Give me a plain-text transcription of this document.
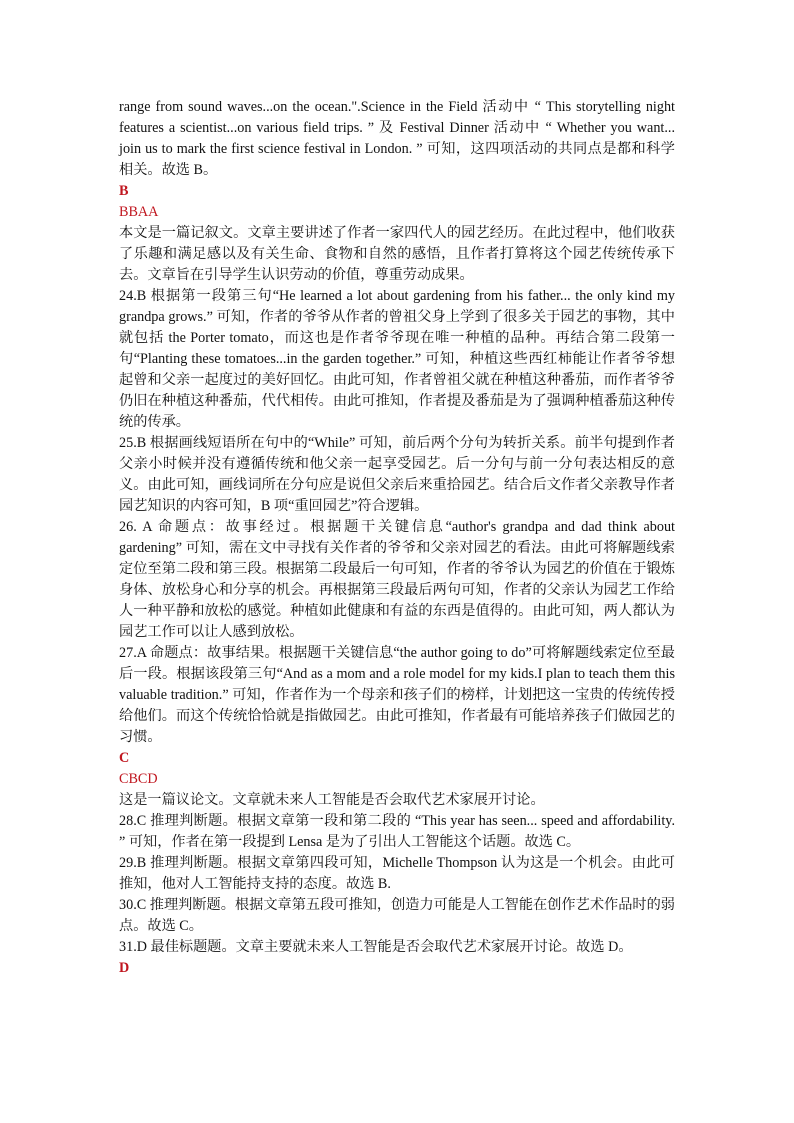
range from sound waves...on the ocean.".Science in the Field 活动中 “ This storytelling night features a scientist...on various field trips. ” 及 Festival Dinner 活动中 “ Whether you want... join us to mark the first science festival in London. ” 可知，这四项活动的共同点是都和科学相关。故选 B。

B

BBAA

本文是一篇记叙文。文章主要讲述了作者一家四代人的园艺经历。在此过程中，他们收获了乐趣和满足感以及有关生命、食物和自然的感悟，且作者打算将这个园艺传统传承下去。文章旨在引导学生认识劳动的价值，尊重劳动成果。

24.B 根据第一段第三句“He learned a lot about gardening from his father... the only kind my grandpa grows.” 可知，作者的爷爷从作者的曾祖父身上学到了很多关于园艺的事物，其中就包括 the Porter tomato，而这也是作者爷爷现在唯一种植的品种。再结合第二段第一句“Planting these tomatoes...in the garden together.” 可知，种植这些西红柿能让作者爷爷想起曾和父亲一起度过的美好回忆。由此可知，作者曾祖父就在种植这种番茄，而作者爷爷仍旧在种植这种番茄，代代相传。由此可推知，作者提及番茄是为了强调种植番茄这种传统的传承。

25.B 根据画线短语所在句中的“While” 可知，前后两个分句为转折关系。前半句提到作者父亲小时候并没有遵循传统和他父亲一起享受园艺。后一分句与前一分句表达相反的意义。由此可知，画线词所在分句应是说但父亲后来重拾园艺。结合后文作者父亲教导作者园艺知识的内容可知，B 项“重回园艺”符合逻辑。

26. A 命题点：故事经过。根据题干关键信息“author's grandpa and dad think about gardening” 可知，需在文中寻找有关作者的爷爷和父亲对园艺的看法。由此可将解题线索定位至第二段和第三段。根据第二段最后一句可知，作者的爷爷认为园艺的价值在于锻炼身体、放松身心和分享的机会。再根据第三段最后两句可知，作者的父亲认为园艺工作给人一种平静和放松的感觉。种植如此健康和有益的东西是值得的。由此可知，两人都认为园艺工作可以让人感到放松。

27.A 命题点：故事结果。根据题干关键信息“the author going to do”可将解题线索定位至最后一段。根据该段第三句“And as a mom and a role model for my kids.I plan to teach them this valuable tradition.” 可知，作者作为一个母亲和孩子们的榜样，计划把这一宝贵的传统传授给他们。而这个传统恰恰就是指做园艺。由此可推知，作者最有可能培养孩子们做园艺的习惯。

C

CBCD

这是一篇议论文。文章就未来人工智能是否会取代艺术家展开讨论。

28.C 推理判断题。根据文章第一段和第二段的 “This year has seen... speed and affordability. ” 可知，作者在第一段提到 Lensa 是为了引出人工智能这个话题。故选 C。

29.B 推理判断题。根据文章第四段可知，Michelle Thompson 认为这是一个机会。由此可推知，他对人工智能持支持的态度。故选 B.

30.C 推理判断题。根据文章第五段可推知，创造力可能是人工智能在创作艺术作品时的弱点。故选 C。

31.D 最佳标题题。文章主要就未来人工智能是否会取代艺术家展开讨论。故选 D。

D
